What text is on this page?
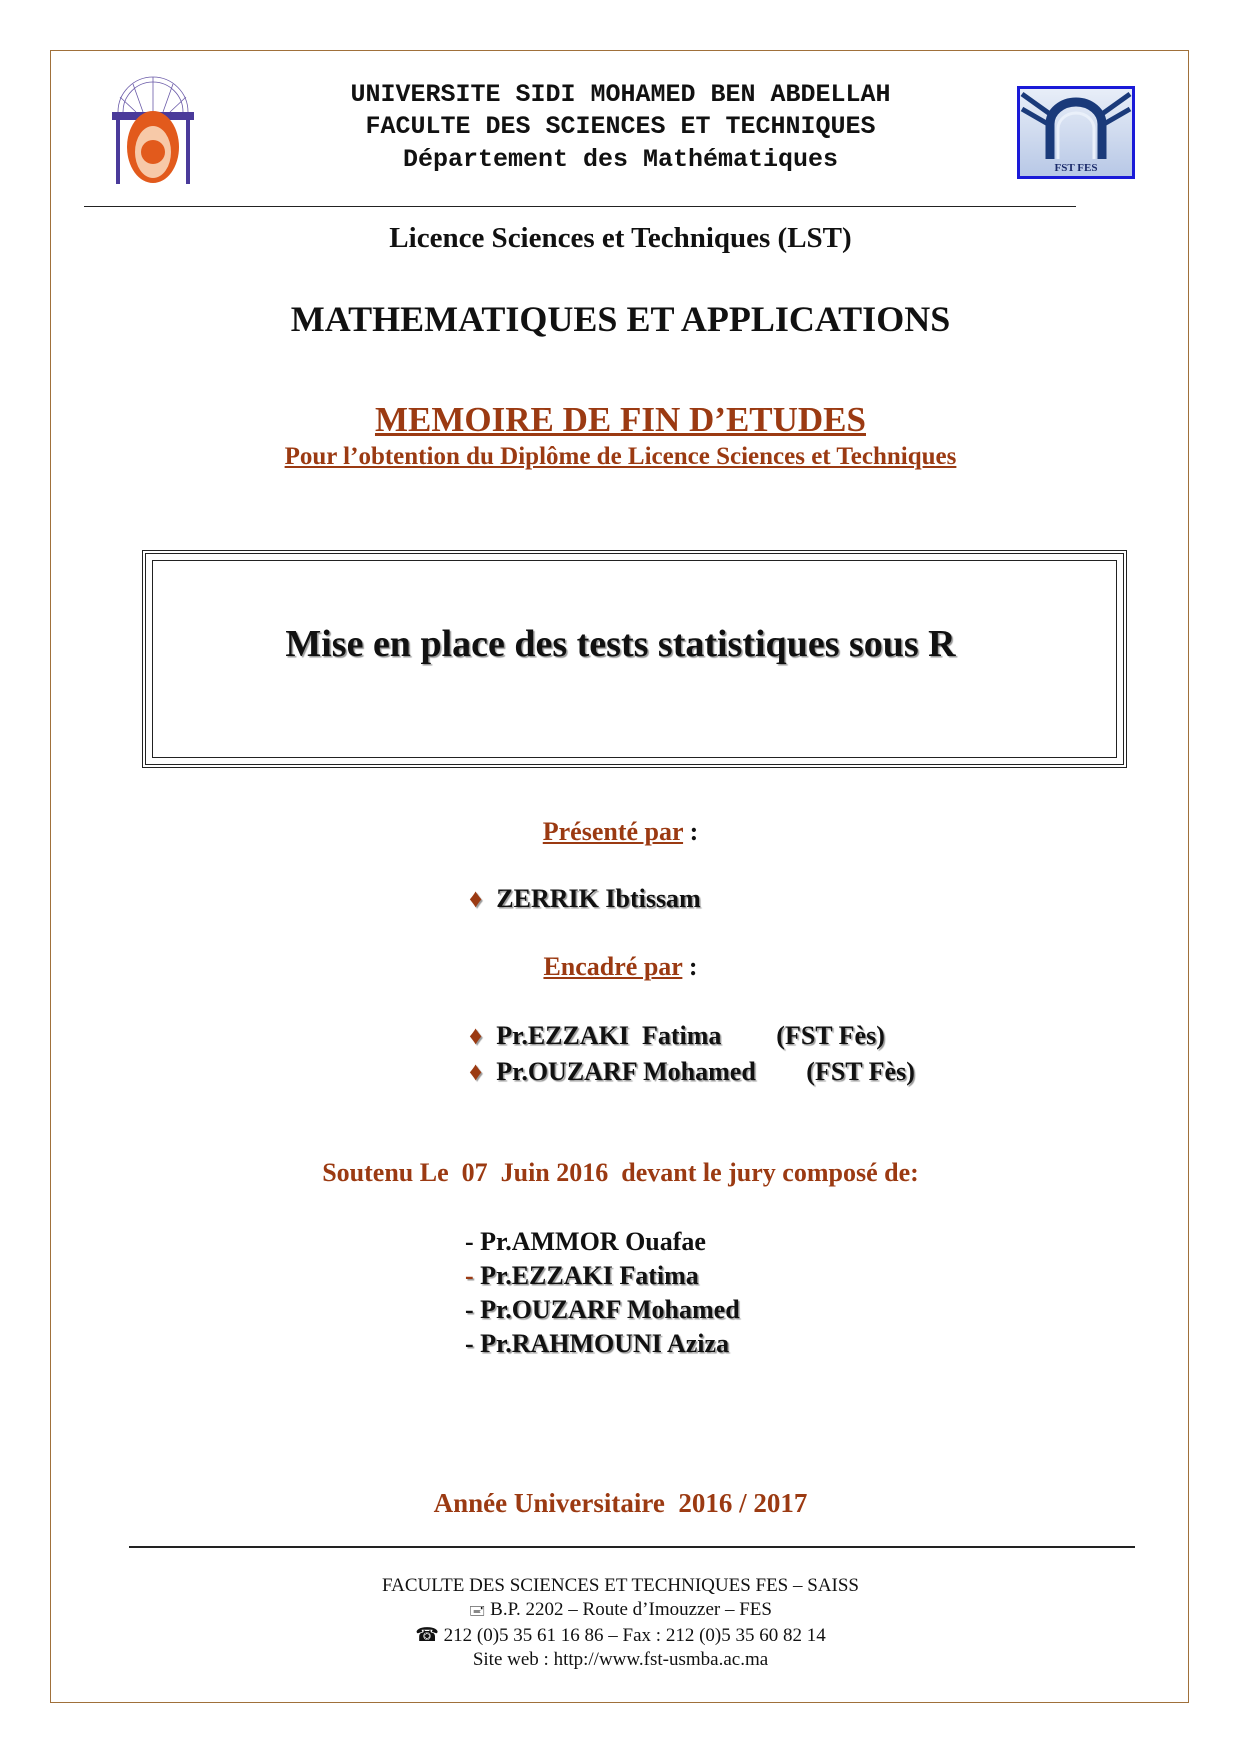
UNIVERSITE SIDI MOHAMED BEN ABDELLAH
FACULTE DES SCIENCES ET TECHNIQUES
Département des Mathématiques	FST FES
Licence Sciences et Techniques (LST)
MATHEMATIQUES ET APPLICATIONS
MEMOIRE DE FIN D’ETUDES
Pour l’obtention du Diplôme de Licence Sciences et Techniques
Mise en place des tests statistiques sous R
Présenté par :
♦ ZERRIK Ibtissam
Encadré par :
♦ Pr.EZZAKI  Fatima (FST Fès)
♦ Pr.OUZARF Mohamed (FST Fès)
Soutenu Le  07  Juin 2016  devant le jury composé de:
- Pr.AMMOR Ouafae
- Pr.EZZAKI Fatima
- Pr.OUZARF Mohamed
- Pr.RAHMOUNI Aziza
Année Universitaire  2016 / 2017
FACULTE DES SCIENCES ET TECHNIQUES FES – SAISS
🖃 B.P. 2202 – Route d’Imouzzer – FES
☎ 212 (0)5 35 61 16 86 – Fax : 212 (0)5 35 60 82 14
Site web : http://www.fst-usmba.ac.ma
